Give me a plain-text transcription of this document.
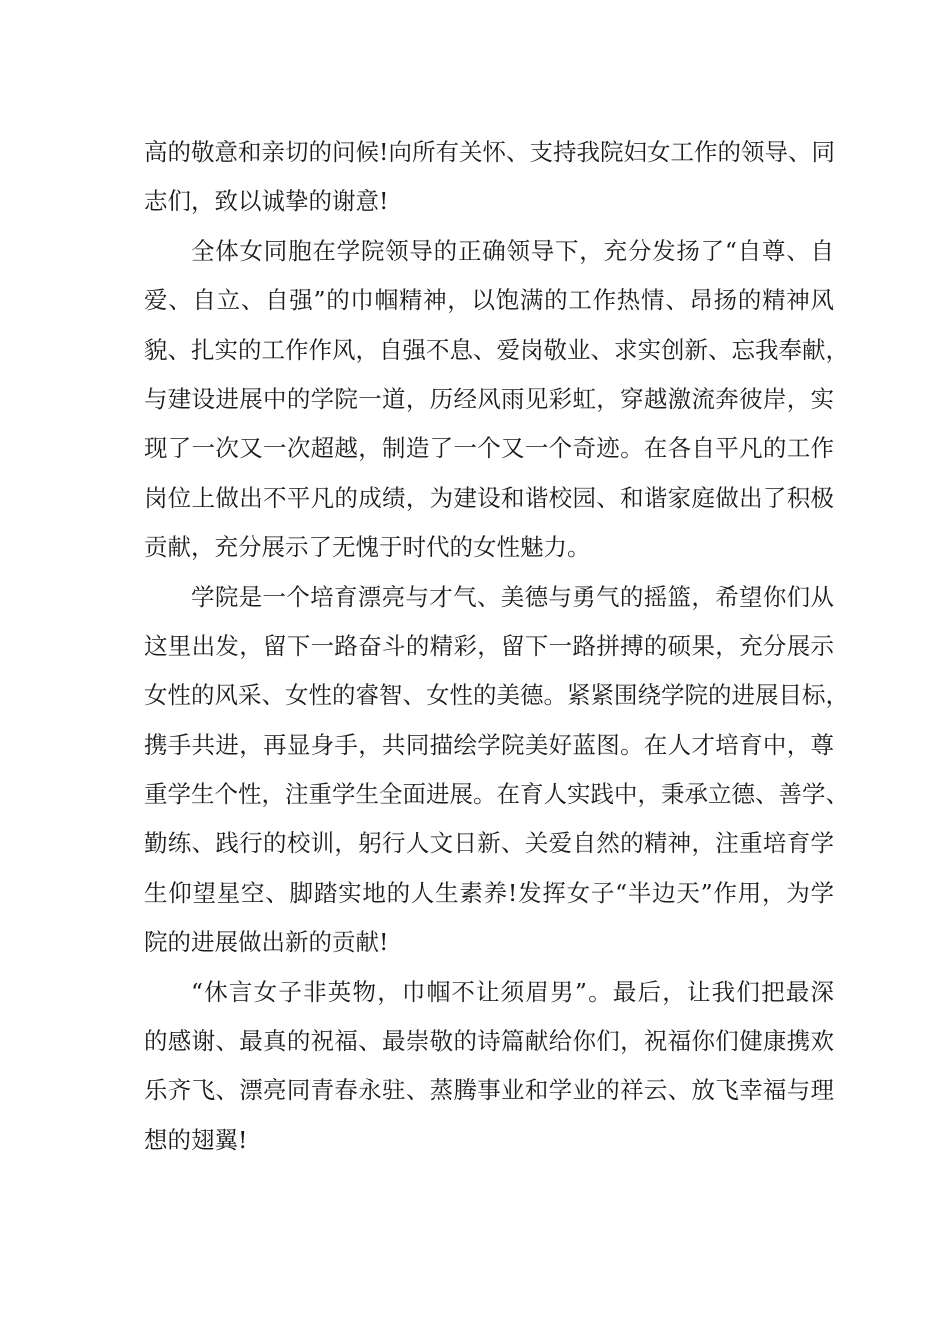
高的敬意和亲切的问候!向所有关怀、支持我院妇女工作的领导、同
志们，致以诚挚的谢意!
全体女同胞在学院领导的正确领导下，充分发扬了“自尊、自
爱、自立、自强”的巾帼精神，以饱满的工作热情、昂扬的精神风
貌、扎实的工作作风，自强不息、爱岗敬业、求实创新、忘我奉献，
与建设进展中的学院一道，历经风雨见彩虹，穿越激流奔彼岸，实
现了一次又一次超越，制造了一个又一个奇迹。在各自平凡的工作
岗位上做出不平凡的成绩，为建设和谐校园、和谐家庭做出了积极
贡献，充分展示了无愧于时代的女性魅力。
学院是一个培育漂亮与才气、美德与勇气的摇篮，希望你们从
这里出发，留下一路奋斗的精彩，留下一路拼搏的硕果，充分展示
女性的风采、女性的睿智、女性的美德。紧紧围绕学院的进展目标，
携手共进，再显身手，共同描绘学院美好蓝图。在人才培育中，尊
重学生个性，注重学生全面进展。在育人实践中，秉承立德、善学、
勤练、践行的校训，躬行人文日新、关爱自然的精神，注重培育学
生仰望星空、脚踏实地的人生素养!发挥女子“半边天”作用，为学
院的进展做出新的贡献!
“休言女子非英物，巾帼不让须眉男”。最后，让我们把最深
的感谢、最真的祝福、最崇敬的诗篇献给你们，祝福你们健康携欢
乐齐飞、漂亮同青春永驻、蒸腾事业和学业的祥云、放飞幸福与理
想的翅翼!
